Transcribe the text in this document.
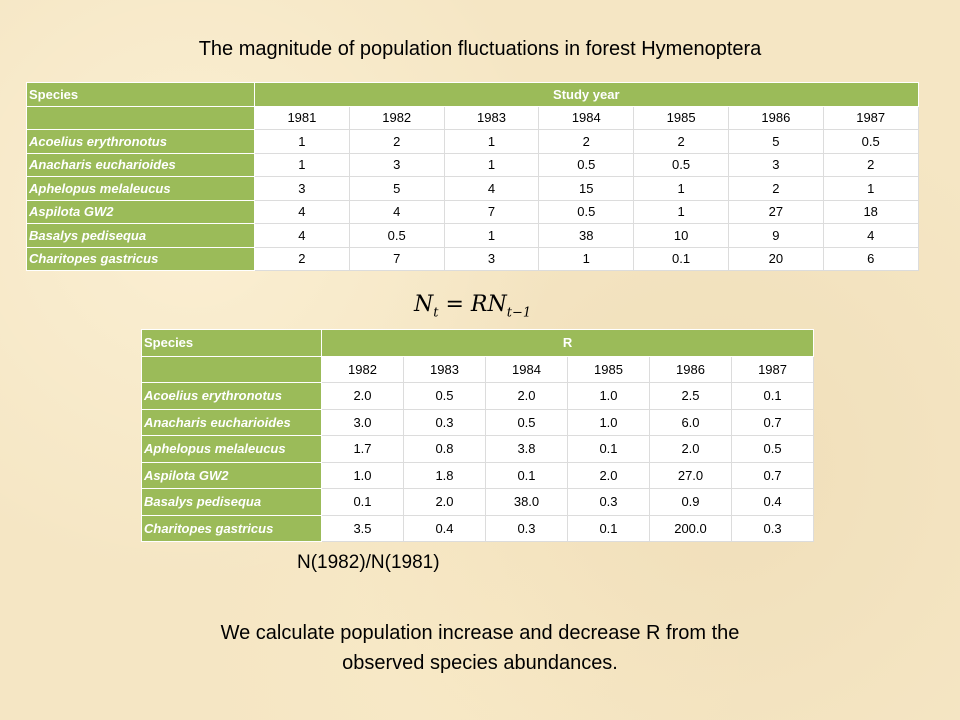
The magnitude of population fluctuations in forest Hymenoptera
Species	Study year						
	1981	1982	1983	1984	1985	1986	1987
Acoelius erythronotus	1	2	1	2	2	5	0.5
Anacharis eucharioides	1	3	1	0.5	0.5	3	2
Aphelopus melaleucus	3	5	4	15	1	2	1
Aspilota GW2	4	4	7	0.5	1	27	18
Basalys pedisequa	4	0.5	1	38	10	9	4
Charitopes gastricus	2	7	3	1	0.1	20	6
$N_t = RN_{t-1}$
Species	R					
	1982	1983	1984	1985	1986	1987
Acoelius erythronotus	2.0	0.5	2.0	1.0	2.5	0.1
Anacharis eucharioides	3.0	0.3	0.5	1.0	6.0	0.7
Aphelopus melaleucus	1.7	0.8	3.8	0.1	2.0	0.5
Aspilota GW2	1.0	1.8	0.1	2.0	27.0	0.7
Basalys pedisequa	0.1	2.0	38.0	0.3	0.9	0.4
Charitopes gastricus	3.5	0.4	0.3	0.1	200.0	0.3
N(1982)/N(1981)
We calculate population increase and decrease R from the
observed species abundances.
